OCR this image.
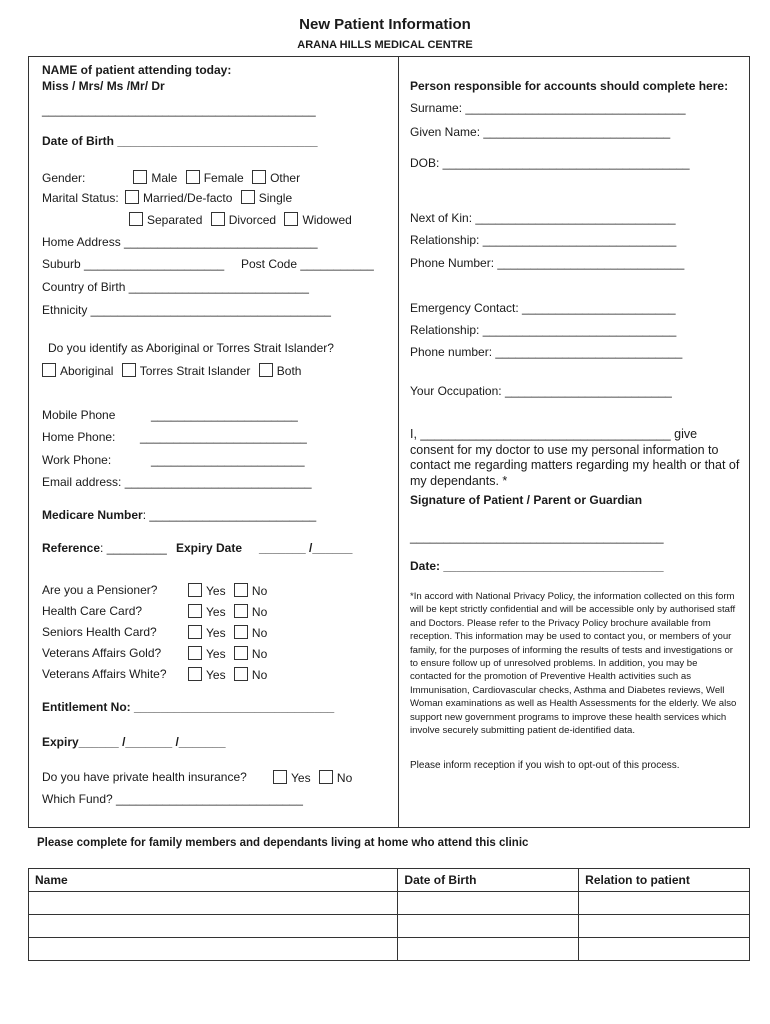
New Patient Information
ARANA HILLS MEDICAL CENTRE
NAME of patient attending today:
Miss / Mrs/ Ms /Mr/ Dr
_________________________________________
Date of Birth ______________________________
Gender:	Male Female Other
Marital Status: Married/De-facto Single
Separated Divorced Widowed
Home Address _____________________________
Suburb _____________________ Post Code ___________
Country of Birth ___________________________
Ethnicity ____________________________________
Do you identify as Aboriginal or Torres Strait Islander?
Aboriginal Torres Strait Islander Both
Mobile Phone	______________________
Home Phone: _________________________
Work Phone:	_______________________
Email address: ____________________________
Medicare Number: _________________________
Reference: _________ Expiry Date _______ /______
Are you a Pensioner?	Yes No
Health Care Card?	Yes No
Seniors Health Card?	Yes No
Veterans Affairs Gold?	Yes No
Veterans Affairs White?	Yes No
Entitlement No: ______________________________
Expiry______ /_______ /_______
Do you have private health insurance?	Yes No
Which Fund? ____________________________
Person responsible for accounts should complete here:
Surname: _________________________________
Given Name: ____________________________
DOB: _____________________________________
Next of Kin: ______________________________
Relationship: _____________________________
Phone Number: ____________________________
Emergency Contact: _______________________
Relationship: _____________________________
Phone number: ____________________________
Your Occupation: _________________________
I, ____________________________________ give consent for my doctor to use my personal information to contact me regarding matters regarding my health or that of my dependants. *
Signature of Patient / Parent or Guardian
______________________________________
Date: _________________________________
*In accord with National Privacy Policy, the information collected on this form will be kept strictly confidential and will be accessible only by authorised staff and Doctors. Please refer to the Privacy Policy brochure available from reception. This information may be used to contact you, or members of your family, for the purposes of informing the results of tests and investigations or to ensure follow up of unresolved problems. In addition, you may be contacted for the promotion of Preventive Health activities such as Immunisation, Cardiovascular checks, Asthma and Diabetes reviews, Well Woman examinations as well as Health Assessments for the elderly. We also support new government programs to improve these health services which involve securely submitting patient de-identified data.
Please inform reception if you wish to opt-out of this process.
Please complete for family members and dependants living at home who attend this clinic
Name	Date of Birth	Relation to patient
